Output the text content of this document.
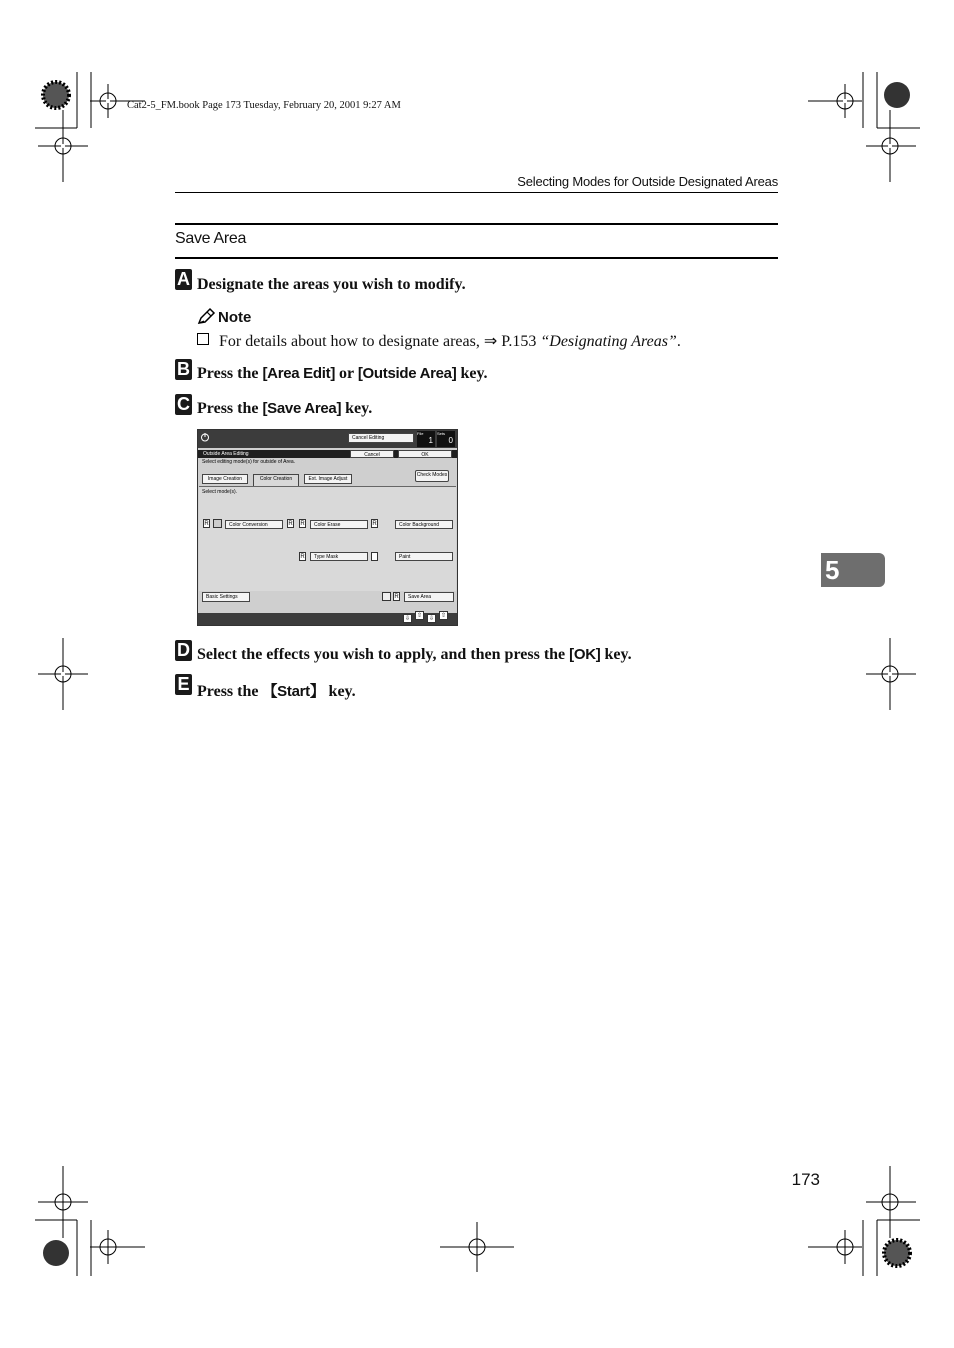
Cat2-5_FM.book Page 173 Tuesday, February 20, 2001 9:27 AM
Selecting Modes for Outside Designated Areas
Save Area
A Designate the areas you wish to modify.
Note
For details about how to designate areas, ⇒ P.153 “Designating Areas”.
B Press the [Area Edit] or [Outside Area] key.
C Press the [Save Area] key.
Cancel Editing
File
1
Sets
0
Outside Area Editing	Cancel	OK
Select editing mode(s) for outside of Area.
Image Creation	Color Creation	Ext. Image Adjust
Check Modes
Select mode(s).
R	Color Conversion	R R	Color Erase	R	Color Background
R	Type Mask	Paint
Basic Settings	R	Save Area
⇩	⇧	⇩	⇧
D Select the effects you wish to apply, and then press the [OK] key.
E Press the 【Start】 key.
5
173
